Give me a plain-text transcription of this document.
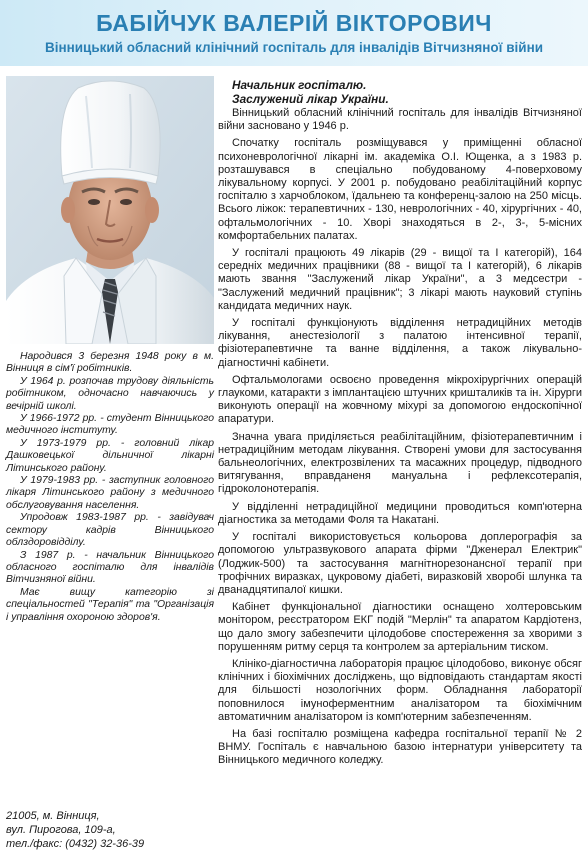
БАБІЙЧУК ВАЛЕРІЙ ВІКТОРОВИЧ
Вінницький обласний клінічний госпіталь для інвалідів Вітчизняної війни

Народився 3 березня 1948 року в м. Вінниця в сім'ї робітників.

У 1964 р. розпочав трудову діяльність робітником, одночасно навчаючись у вечірній школі.

У 1966-1972 рр. - студент Вінницького медичного інституту.

У 1973-1979 рр. - головний лікар Дашковецької дільничної лікарні Літинського району.

У 1979-1983 рр. - заступник головного лікаря Літинського району з медичного обслуговування населення.

Упродовж 1983-1987 рр. - завідувач сектору кадрів Вінницького облздоровідділу.

З 1987 р. - начальник Вінницького обласного госпіталю для інвалідів Вітчизняної війни.

Має вищу категорію зі спеціальностей "Терапія" та "Організація і управління охороною здоров'я.

21005, м. Вінниця,
вул. Пирогова, 109-а,
тел./факс: (0432) 32-36-39
Начальник госпіталю.
Заслужений лікар України.

Вінницький обласний клінічний госпіталь для інвалідів Вітчизняної війни засновано у 1946 р.

Спочатку госпіталь розміщувався у приміщенні обласної психоневрологічної лікарні ім. академіка О.І. Ющенка, а з 1983 р. розташувався в спеціально побудованому 4-поверховому лікувальному корпусі. У 2001 р. побудовано реабілітаційний корпус госпіталю з харчоблоком, їдальнею та конференц-залою на 250 місць. Всього ліжок: терапевтичних - 130, неврологічних - 40, хірургічних - 40, офтальмологічних - 10. Хворі знаходяться в 2-, 3-, 5-місних комфортабельних палатах.

У госпіталі працюють 49 лікарів (29 - вищої та І категорій), 164 середніх медичних працівники (88 - вищої та І категорій), 6 лікарів мають звання "Заслужений лікар України", а 3 медсестри - "Заслужений медичний працівник"; 3 лікарі мають науковий ступінь кандидата медичних наук.

У госпіталі функціонують відділення нетрадиційних методів лікування, анестезіології з палатою інтенсивної терапії, фізіотерапевтичне та ванне відділення, а також лікувально-діагностичні кабінети.

Офтальмологами освоєно проведення мікрохірургічних операцій глаукоми, катаракти з імплантацією штучних кришталиків та ін. Хірурги виконують операції на жовчному міхурі за допомогою ендоскопічної апаратури.

Значна увага приділяється реабілітаційним, фізіотерапевтичним і нетрадиційним методам лікування. Створені умови для застосування бальнеологічних, електрозвілених та масажних процедур, підводного витягування, вправданеня мануальна і рефлексотерапія, гідроколонотерапія.

У відділенні нетрадиційної медицини проводиться комп'ютерна діагностика за методами Фоля та Накатані.

У госпіталі використовується кольорова доплерографія за допомогою ультразвукового апарата фірми "Дженерал Електрик" (Лоджик-500) та застосування магнітнорезонансної терапії при трофічних виразках, цукровому діабеті, виразковій хворобі шлунка та дванадцятипалої кишки.

Кабінет функціональної діагностики оснащено холтеровським монітором, реєстратором ЕКГ подій "Мерлін" та апаратом Кардіотенз, що дало змогу забезпечити цілодобове спостереження за хворими з порушенням ритму серця та контролем за артеріальним тиском.

Клініко-діагностична лабораторія працює цілодобово, виконує обсяг клінічних і біохімічних досліджень, що відповідають стандартам якості для більшості нозологічних форм. Обладнання лабораторії поповнилося імуноферментним аналізатором та біохімічним автоматичним аналізатором із комп'ютерним забезпеченням.

На базі госпіталю розміщена кафедра госпітальної терапії № 2 ВНМУ. Госпіталь є навчальною базою інтернатури університету та Вінницького медичного коледжу.
